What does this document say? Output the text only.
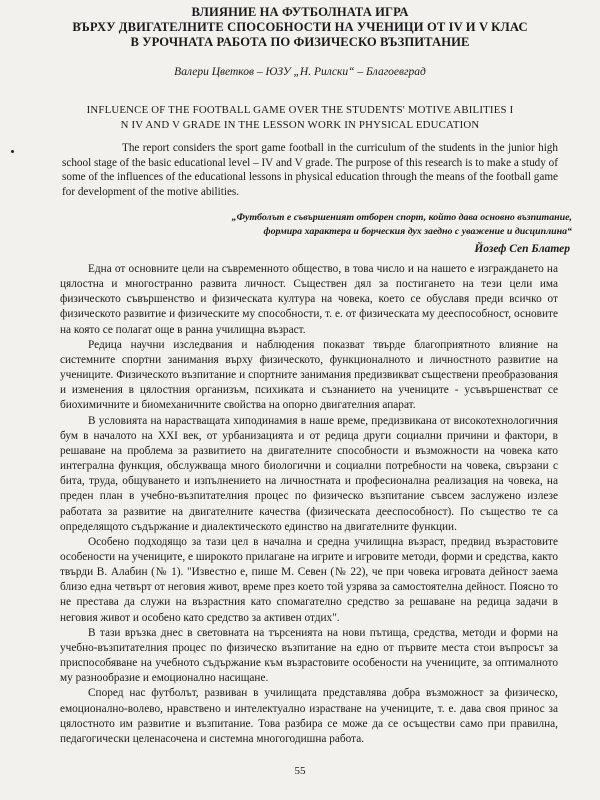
ВЛИЯНИЕ НА ФУТБОЛНАТА ИГРА
ВЪРХУ ДВИГАТЕЛНИТЕ СПОСОБНОСТИ НА УЧЕНИЦИ ОТ IV И V КЛАС
В УРОЧНАТА РАБОТА ПО ФИЗИЧЕСКО ВЪЗПИТАНИЕ
Валери Цветков – ЮЗУ „Н. Рилски“ – Благоевград
INFLUENCE OF THE FOOTBALL GAME OVER THE STUDENTS' MOTIVE ABILITIES I
N IV AND V GRADE IN THE LESSON WORK IN PHYSICAL EDUCATION
The report considers the sport game football in the curriculum of the students in the junior high school stage of the basic educational level – IV and V grade. The purpose of this research is to make a study of some of the influences of the educational lessons in physical education through the means of the football game for development of the motive abilities.
„Футболът е съвършеният отборен спорт, който дава основно възпитание,
формира характера и борческия дух заедно с уважение и дисциплина“
Йозеф Сеп Блатер

Една от основните цели на съвременното общество, в това число и на нашето е изграждането на цялостна и многостранно развита личност. Съществен дял за постигането на тези цели има физическото съвършенство и физическата култура на човека, което се обуславя преди всичко от физическото развитие и физическите му способности, т. е. от физическата му дееспособност, основите на която се полагат още в ранна училищна възраст.

Редица научни изследвания и наблюдения показват твърде благоприятното влияние на системните спортни занимания върху физическото, функционалното и личностното развитие на учениците. Физическото възпитание и спортните занимания предизвикват съществени преобразования и изменения в цялостния организъм, психиката и съзнанието на учениците - усъвършенстват се биохимичните и биомеханичните свойства на опорно двигателния апарат.

В условията на нарастващата хиподинамия в наше време, предизвикана от високотехнологичния бум в началото на XXI век, от урбанизацията и от редица други социални причини и фактори, в решаване на проблема за развитието на двигателните способности и възможности на човека като интегрална функция, обслужваща много биологични и социални потребности на човека, свързани с бита, труда, общуването и изпълнението на личностната и професионална реализация на човека, на преден план в учебно-възпитателния процес по физическо възпитание съвсем заслужено излезе работата за развитие на двигателните качества (физическата дееспособност). По същество те са определящото съдържание и диалектическото единство на двигателните функции.

Особено подходящо за тази цел в начална и средна училищна възраст, предвид възрастовите особености на учениците, е широкото прилагане на игрите и игровите методи, форми и средства, както твърди В. Алабин (№ 1). "Известно е, пише М. Севен (№ 22), че при човека игровата дейност заема близо една четвърт от неговия живот, време през което той узрява за самостоятелна дейност. Поясно то не престава да служи на възрастния като спомагателно средство за решаване на редица задачи в неговия живот и особено като средство за активен отдих".

В тази връзка днес в световната на търсенията на нови пътища, средства, методи и форми на учебно-възпитателния процес по физическо възпитание на едно от първите места стои въпросът за приспособяване на учебното съдържание към възрастовите особености на учениците, за оптималното му разнообразие и емоционално насищане.

Според нас футболът, развиван в училищата представлява добра възможност за физическо, емоционално-волево, нравствено и интелектуално израстване на учениците, т. е. дава своя принос за цялостното им развитие и възпитание. Това разбира се може да се осъществи само при правилна, педагогически целенасочена и системна многогодишна работа.

55
